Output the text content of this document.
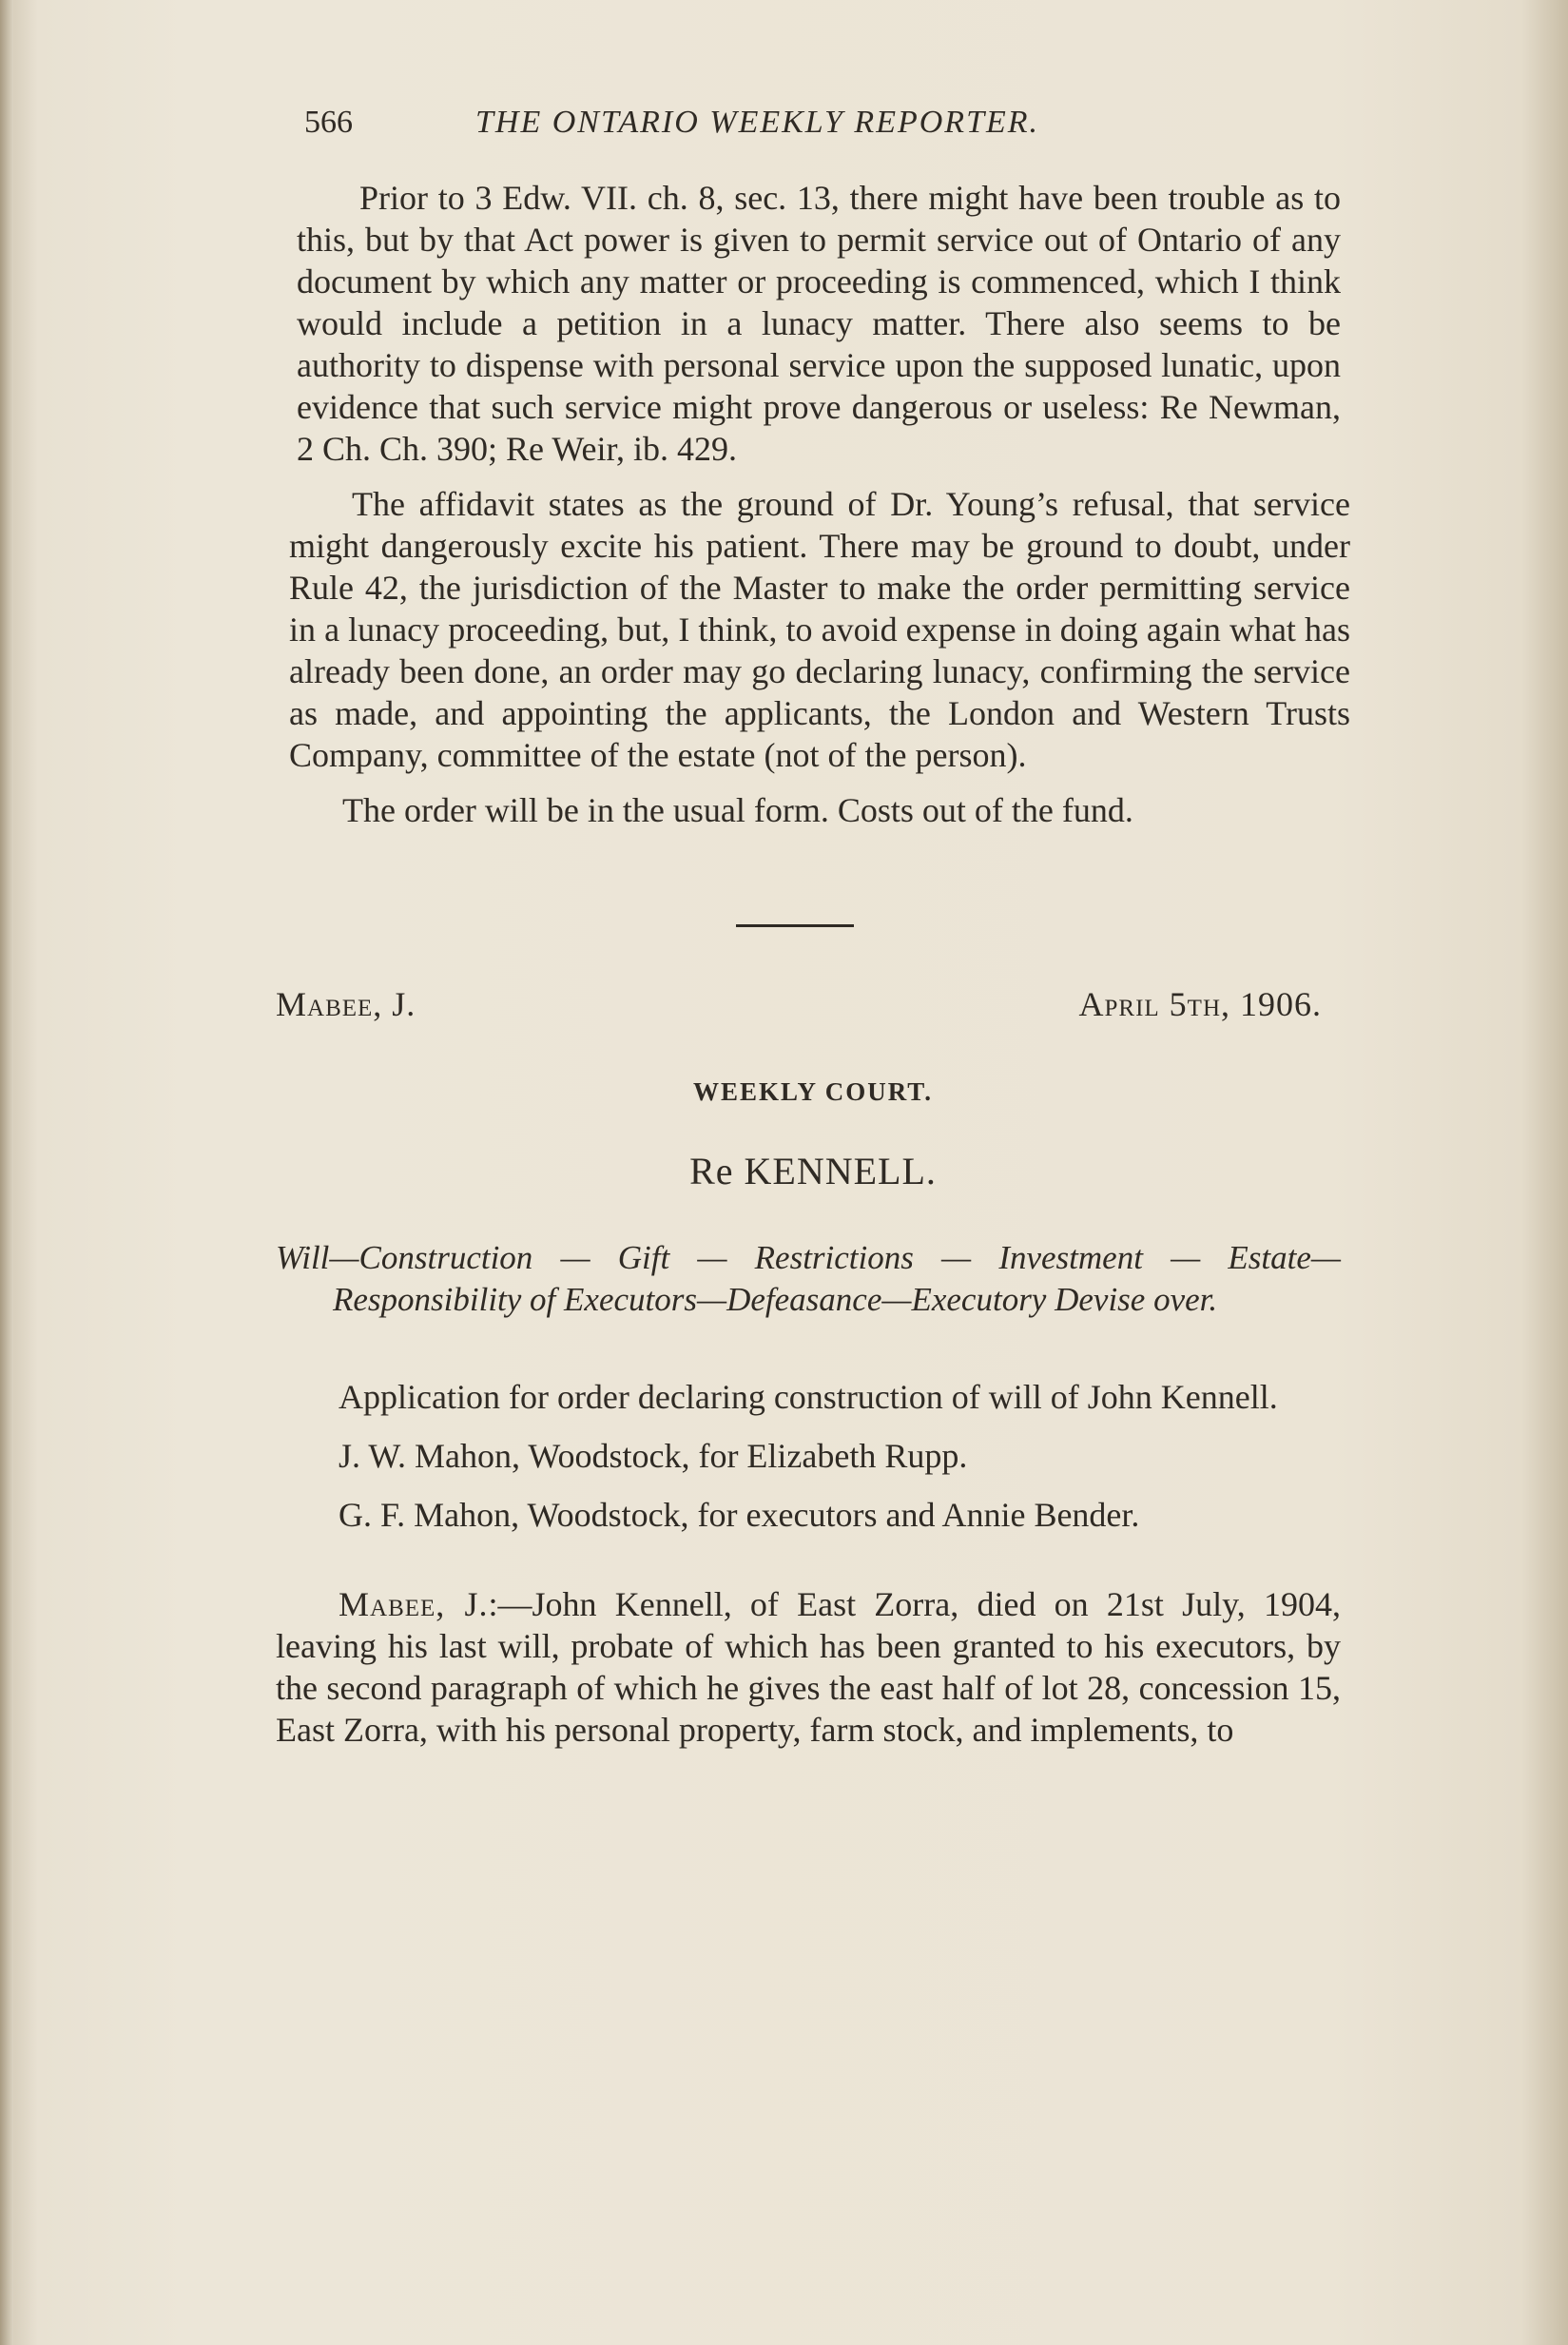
566	THE ONTARIO WEEKLY REPORTER.

Prior to 3 Edw. VII. ch. 8, sec. 13, there might have been trouble as to this, but by that Act power is given to permit service out of Ontario of any document by which any matter or proceeding is commenced, which I think would include a petition in a lunacy matter. There also seems to be authority to dispense with personal service upon the supposed lunatic, upon evidence that such service might prove dangerous or useless: Re Newman, 2 Ch. Ch. 390; Re Weir, ib. 429.

The affidavit states as the ground of Dr. Young’s refusal, that service might dangerously excite his patient. There may be ground to doubt, under Rule 42, the jurisdiction of the Master to make the order permitting service in a lunacy proceeding, but, I think, to avoid expense in doing again what has already been done, an order may go declaring lunacy, confirming the service as made, and appointing the applicants, the London and Western Trusts Company, committee of the estate (not of the person).

The order will be in the usual form. Costs out of the fund.

Mabee, J.	April 5th, 1906.
WEEKLY COURT.
Re KENNELL.
Will—Construction — Gift — Restrictions — Investment — Estate—Responsibility of Executors—Defeasance—Executory Devise over.

Application for order declaring construction of will of John Kennell.

J. W. Mahon, Woodstock, for Elizabeth Rupp.
G. F. Mahon, Woodstock, for executors and Annie Bender.

Mabee, J.:—John Kennell, of East Zorra, died on 21st July, 1904, leaving his last will, probate of which has been granted to his executors, by the second paragraph of which he gives the east half of lot 28, concession 15, East Zorra, with his personal property, farm stock, and implements, to
